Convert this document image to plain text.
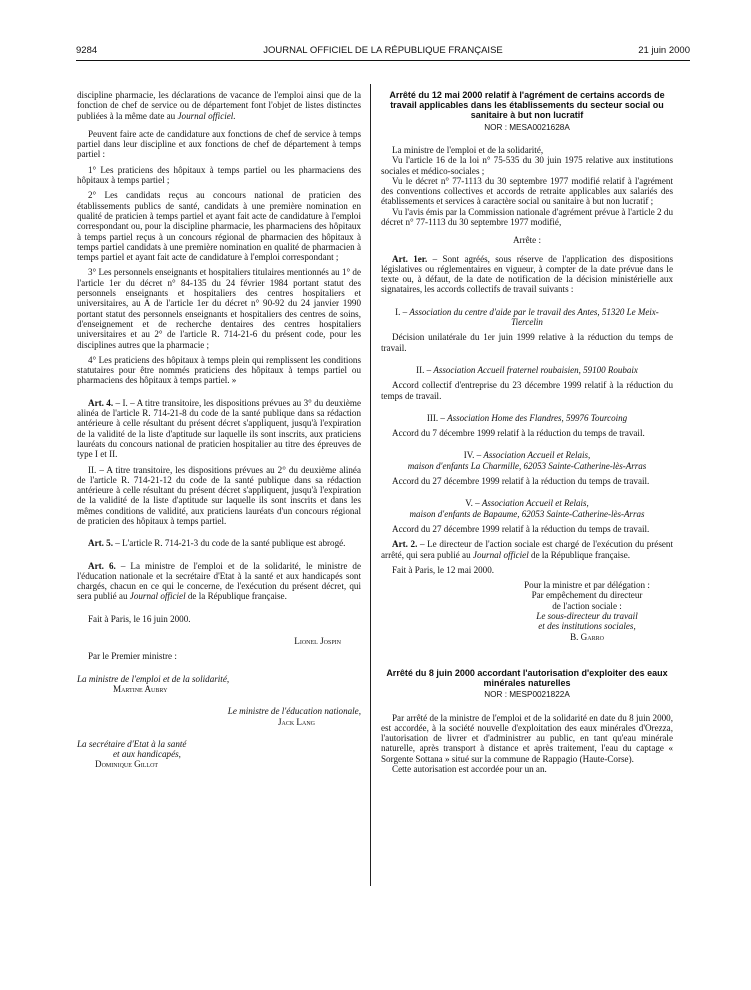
9284	JOURNAL OFFICIEL DE LA RÉPUBLIQUE FRANÇAISE	21 juin 2000

discipline pharmacie, les déclarations de vacance de l'emploi ainsi que de la fonction de chef de service ou de département font l'objet de listes distinctes publiées à la même date au Journal officiel.

Peuvent faire acte de candidature aux fonctions de chef de service à temps partiel dans leur discipline et aux fonctions de chef de département à temps partiel :

1° Les praticiens des hôpitaux à temps partiel ou les pharmaciens des hôpitaux à temps partiel ;

2° Les candidats reçus au concours national de praticien des établissements publics de santé, candidats à une première nomination en qualité de praticien à temps partiel et ayant fait acte de candidature à l'emploi correspondant ou, pour la discipline pharmacie, les pharmaciens des hôpitaux à temps partiel reçus à un concours régional de pharmacien des hôpitaux à temps partiel candidats à une première nomination en qualité de pharmacien à temps partiel et ayant fait acte de candidature à l'emploi correspondant ;

3° Les personnels enseignants et hospitaliers titulaires mentionnés au 1° de l'article 1er du décret n° 84-135 du 24 février 1984 portant statut des personnels enseignants et hospitaliers des centres hospitaliers et universitaires, au A de l'article 1er du décret n° 90-92 du 24 janvier 1990 portant statut des personnels enseignants et hospitaliers des centres de soins, d'enseignement et de recherche dentaires des centres hospitaliers universitaires et au 2° de l'article R. 714-21-6 du présent code, pour les disciplines autres que la pharmacie ;

4° Les praticiens des hôpitaux à temps plein qui remplissent les conditions statutaires pour être nommés praticiens des hôpitaux à temps partiel ou pharmaciens des hôpitaux à temps partiel. »

Art. 4. – I. – A titre transitoire, les dispositions prévues au 3° du deuxième alinéa de l'article R. 714-21-8 du code de la santé publique dans sa rédaction antérieure à celle résultant du présent décret s'appliquent, jusqu'à l'expiration de la validité de la liste d'aptitude sur laquelle ils sont inscrits, aux praticiens lauréats du concours national de praticien hospitalier au titre des épreuves de type I et II.

II. – A titre transitoire, les dispositions prévues au 2° du deuxième alinéa de l'article R. 714-21-12 du code de la santé publique dans sa rédaction antérieure à celle résultant du présent décret s'appliquent, jusqu'à l'expiration de la validité de la liste d'aptitude sur laquelle ils sont inscrits et dans les mêmes conditions de validité, aux praticiens lauréats d'un concours régional de praticien des hôpitaux à temps partiel.

Art. 5. – L'article R. 714-21-3 du code de la santé publique est abrogé.

Art. 6. – La ministre de l'emploi et de la solidarité, le ministre de l'éducation nationale et la secrétaire d'Etat à la santé et aux handicapés sont chargés, chacun en ce qui le concerne, de l'exécution du présent décret, qui sera publié au Journal officiel de la République française.

Fait à Paris, le 16 juin 2000.

Lionel Jospin

Par le Premier ministre :

La ministre de l'emploi et de la solidarité,

Martine Aubry

Le ministre de l'éducation nationale,

Jack Lang

La secrétaire d'Etat à la santé

et aux handicapés,

Dominique Gillot

Arrêté du 12 mai 2000 relatif à l'agrément de certains accords de travail applicables dans les établissements du secteur social ou sanitaire à but non lucratif

NOR : MESA0021628A

La ministre de l'emploi et de la solidarité,

Vu l'article 16 de la loi n° 75-535 du 30 juin 1975 relative aux institutions sociales et médico-sociales ;

Vu le décret n° 77-1113 du 30 septembre 1977 modifié relatif à l'agrément des conventions collectives et accords de retraite applicables aux salariés des établissements et services à caractère social ou sanitaire à but non lucratif ;

Vu l'avis émis par la Commission nationale d'agrément prévue à l'article 2 du décret n° 77-1113 du 30 septembre 1977 modifié,

Arrête :

Art. 1er. – Sont agréés, sous réserve de l'application des dispositions législatives ou réglementaires en vigueur, à compter de la date prévue dans le texte ou, à défaut, de la date de notification de la décision ministérielle aux signataires, les accords collectifs de travail suivants :

I. – Association du centre d'aide par le travail des Antes, 51320 Le Meix-Tiercelin

Décision unilatérale du 1er juin 1999 relative à la réduction du temps de travail.

II. – Association Accueil fraternel roubaisien, 59100 Roubaix

Accord collectif d'entreprise du 23 décembre 1999 relatif à la réduction du temps de travail.

III. – Association Home des Flandres, 59976 Tourcoing

Accord du 7 décembre 1999 relatif à la réduction du temps de travail.

IV. – Association Accueil et Relais,

maison d'enfants La Charmille, 62053 Sainte-Catherine-lès-Arras

Accord du 27 décembre 1999 relatif à la réduction du temps de travail.

V. – Association Accueil et Relais,

maison d'enfants de Bapaume, 62053 Sainte-Catherine-lès-Arras

Accord du 27 décembre 1999 relatif à la réduction du temps de travail.

Art. 2. – Le directeur de l'action sociale est chargé de l'exécution du présent arrêté, qui sera publié au Journal officiel de la République française.

Fait à Paris, le 12 mai 2000.

Pour la ministre et par délégation :

Par empêchement du directeur

de l'action sociale :

Le sous-directeur du travail

et des institutions sociales,

B. Garro

Arrêté du 8 juin 2000 accordant l'autorisation d'exploiter des eaux minérales naturelles

NOR : MESP0021822A

Par arrêté de la ministre de l'emploi et de la solidarité en date du 8 juin 2000, est accordée, à la société nouvelle d'exploitation des eaux minérales d'Orezza, l'autorisation de livrer et d'administrer au public, en tant qu'eau minérale naturelle, après transport à distance et après traitement, l'eau du captage « Sorgente Sottana » situé sur la commune de Rappagio (Haute-Corse).

Cette autorisation est accordée pour un an.
